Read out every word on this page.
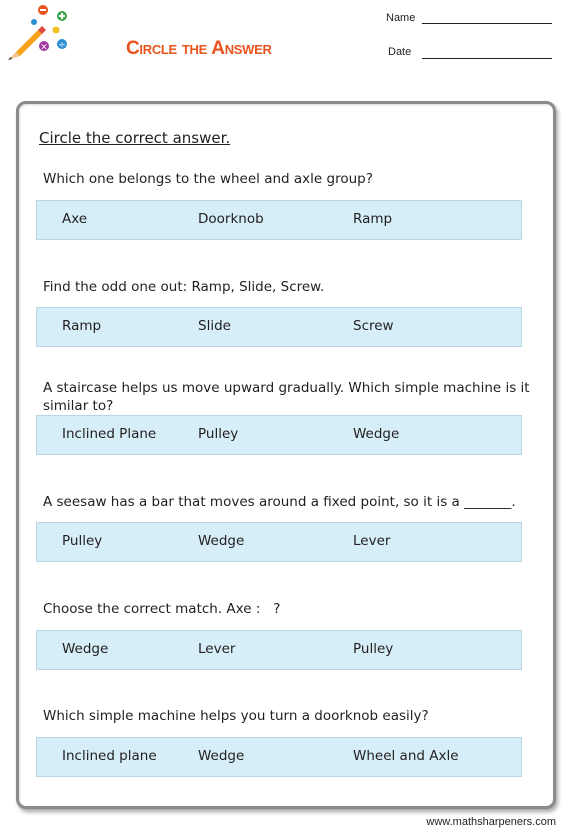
× ÷	Circle the Answer
Name
Date
Circle the correct answer.
Which one belongs to the wheel and axle group?
Axe	Doorknob	Ramp
Find the odd one out: Ramp, Slide, Screw.
Ramp	Slide	Screw
A staircase helps us move upward gradually. Which simple machine is it similar to?
Inclined Plane	Pulley	Wedge
A seesaw has a bar that moves around a fixed point, so it is a _______.
Pulley	Wedge	Lever
Choose the correct match. Axe :   ?
Wedge	Lever	Pulley
Which simple machine helps you turn a doorknob easily?
Inclined plane	Wedge	Wheel and Axle
www.mathsharpeners.com
